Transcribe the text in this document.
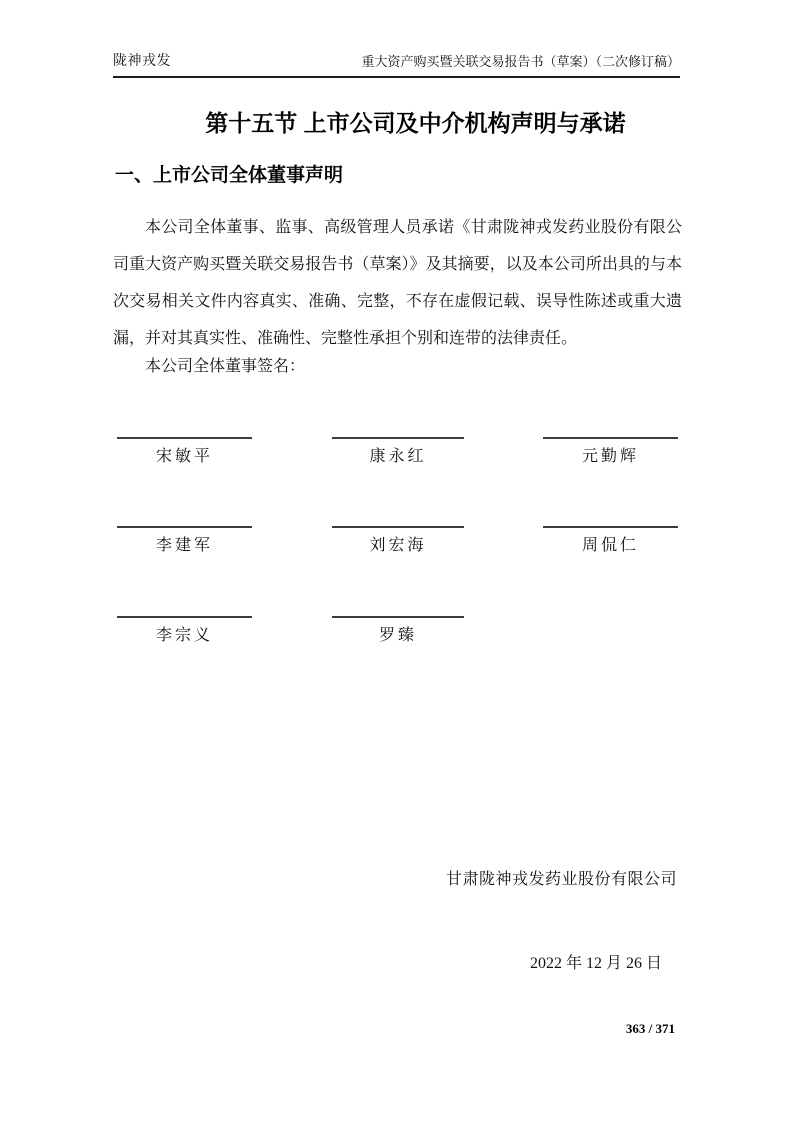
陇神戎发	重大资产购买暨关联交易报告书（草案）（二次修订稿）
第十五节 上市公司及中介机构声明与承诺
一、上市公司全体董事声明
本公司全体董事、监事、高级管理人员承诺《甘肃陇神戎发药业股份有限公司重大资产购买暨关联交易报告书（草案）》及其摘要，以及本公司所出具的与本次交易相关文件内容真实、准确、完整，不存在虚假记载、误导性陈述或重大遗漏，并对其真实性、准确性、完整性承担个别和连带的法律责任。
本公司全体董事签名：
宋敏平	康永红	元勤辉
李建军	刘宏海	周侃仁
李宗义	罗臻
甘肃陇神戎发药业股份有限公司
2022 年 12 月 26 日
363 / 371
